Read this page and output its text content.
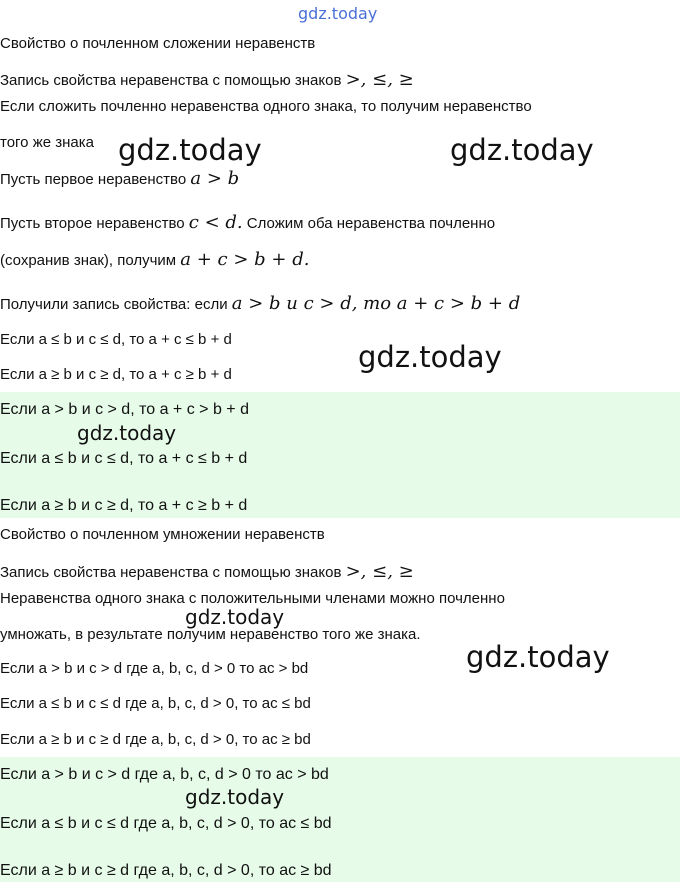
gdz.today
Свойство о почленном сложении неравенств
Запись свойства неравенства с помощью знаков >, ≤, ≥
Если сложить почленно неравенства одного знака, то получим неравенство
того же знака
Пусть первое неравенство a > b
Пусть второе неравенство c < d. Сложим оба неравенства почленно
(сохранив знак), получим a + c > b + d.
Получили запись свойства: если a > b и c > d, то a + c > b + d
Если a ≤ b и c ≤ d, то a + c ≤ b + d
Если a ≥ b и c ≥ d, то a + c ≥ b + d
Если a > b и c > d, то a + c > b + d
Если a ≤ b и c ≤ d, то a + c ≤ b + d
Если a ≥ b и c ≥ d, то a + c ≥ b + d
Свойство о почленном умножении неравенств
Запись свойства неравенства с помощью знаков >, ≤, ≥
Неравенства одного знака с положительными членами можно почленно
умножать, в результате получим неравенство того же знака.
Если a > b и c > d где a, b, c, d > 0 то ac > bd
Если a ≤ b и c ≤ d где a, b, c, d > 0, то ac ≤ bd
Если a ≥ b и c ≥ d где a, b, c, d > 0, то ac ≥ bd
Если a > b и c > d где a, b, c, d > 0 то ac > bd
Если a ≤ b и c ≤ d где a, b, c, d > 0, то ac ≤ bd
Если a ≥ b и c ≥ d где a, b, c, d > 0, то ac ≥ bd
gdz.today	gdz.today
gdz.today
gdz.today
gdz.today
gdz.today
gdz.today
